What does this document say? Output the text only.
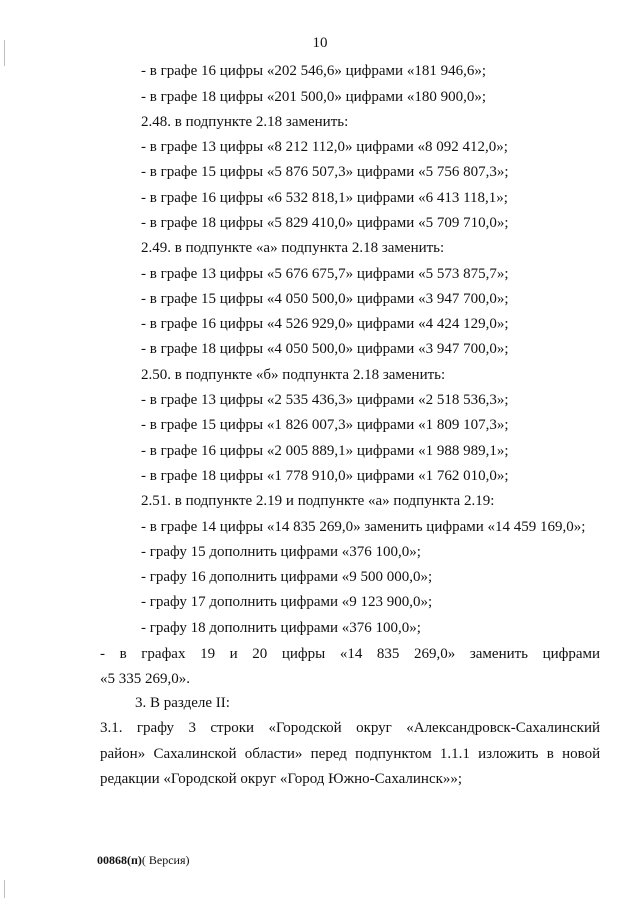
10
- в графе 16 цифры «202 546,6» цифрами «181 946,6»;
- в графе 18 цифры «201 500,0» цифрами «180 900,0»;
2.48. в подпункте 2.18 заменить:
- в графе 13 цифры «8 212 112,0» цифрами «8 092 412,0»;
- в графе 15 цифры «5 876 507,3» цифрами «5 756 807,3»;
- в графе 16 цифры «6 532 818,1» цифрами «6 413 118,1»;
- в графе 18 цифры «5 829 410,0» цифрами «5 709 710,0»;
2.49. в подпункте «а» подпункта 2.18 заменить:
- в графе 13 цифры «5 676 675,7» цифрами «5 573 875,7»;
- в графе 15 цифры «4 050 500,0» цифрами «3 947 700,0»;
- в графе 16 цифры «4 526 929,0» цифрами «4 424 129,0»;
- в графе 18 цифры «4 050 500,0» цифрами «3 947 700,0»;
2.50. в подпункте «б» подпункта 2.18 заменить:
- в графе 13 цифры «2 535 436,3» цифрами «2 518 536,3»;
- в графе 15 цифры «1 826 007,3» цифрами «1 809 107,3»;
- в графе 16 цифры «2 005 889,1» цифрами «1 988 989,1»;
- в графе 18 цифры «1 778 910,0» цифрами «1 762 010,0»;
2.51. в подпункте 2.19 и подпункте «а» подпункта 2.19:
- в графе 14 цифры «14 835 269,0» заменить цифрами «14 459 169,0»;
- графу 15 дополнить цифрами «376 100,0»;
- графу 16 дополнить цифрами «9 500 000,0»;
- графу 17 дополнить цифрами «9 123 900,0»;
- графу 18 дополнить цифрами «376 100,0»;
- в графах 19 и 20 цифры «14 835 269,0» заменить цифрами
«5 335 269,0».
3. В разделе II:
3.1. графу 3 строки «Городской округ «Александровск-Сахалинский
район» Сахалинской области» перед подпунктом 1.1.1 изложить в новой
редакции «Городской округ «Город Южно-Сахалинск»»;
00868(п)( Версия)
